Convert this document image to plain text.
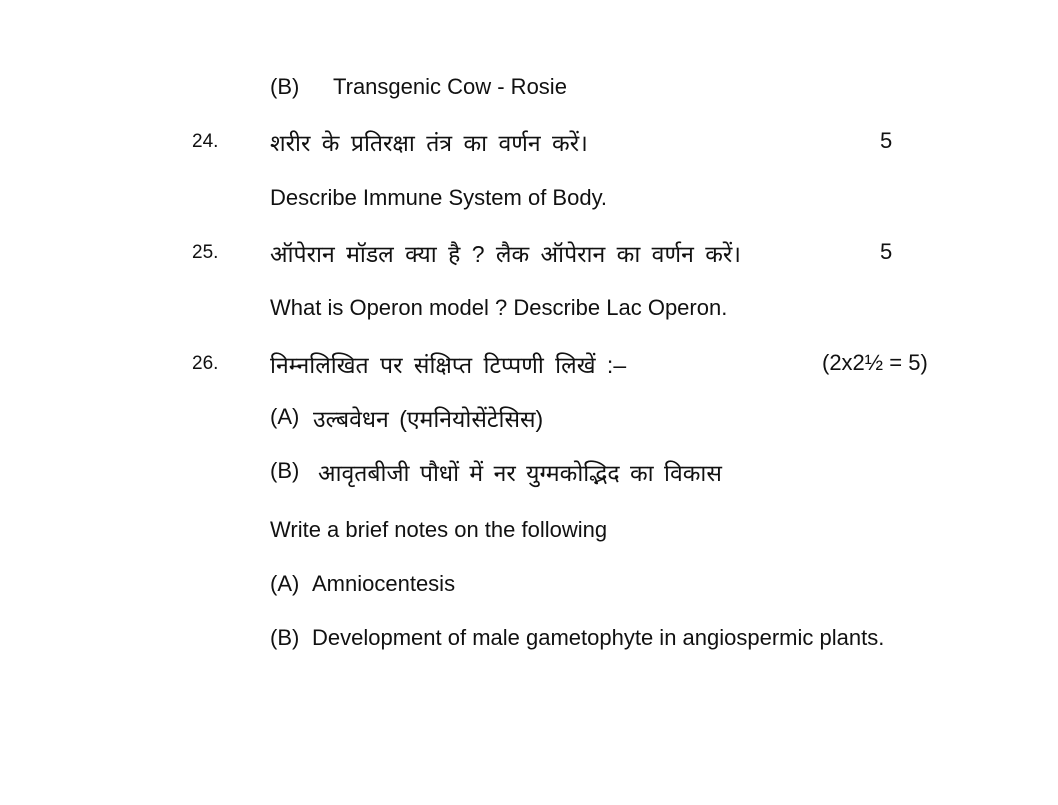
(B) Transgenic Cow - Rosie
24. शरीर के प्रतिरक्षा तंत्र का वर्णन करें।	5
Describe Immune System of Body.
25. ऑपेरान मॉडल क्या है ? लैक ऑपेरान का वर्णन करें।	5
What is Operon model ? Describe Lac Operon.
26. निम्नलिखित पर संक्षिप्त टिप्पणी लिखें :–	(2x2½ = 5)
(A) उल्बवेधन (एमनियोसेंटेसिस)
(B) आवृतबीजी पौधों में नर युग्मकोद्भिद का विकास
Write a brief notes on the following
(A) Amniocentesis
(B) Development of male gametophyte in angiospermic plants.
